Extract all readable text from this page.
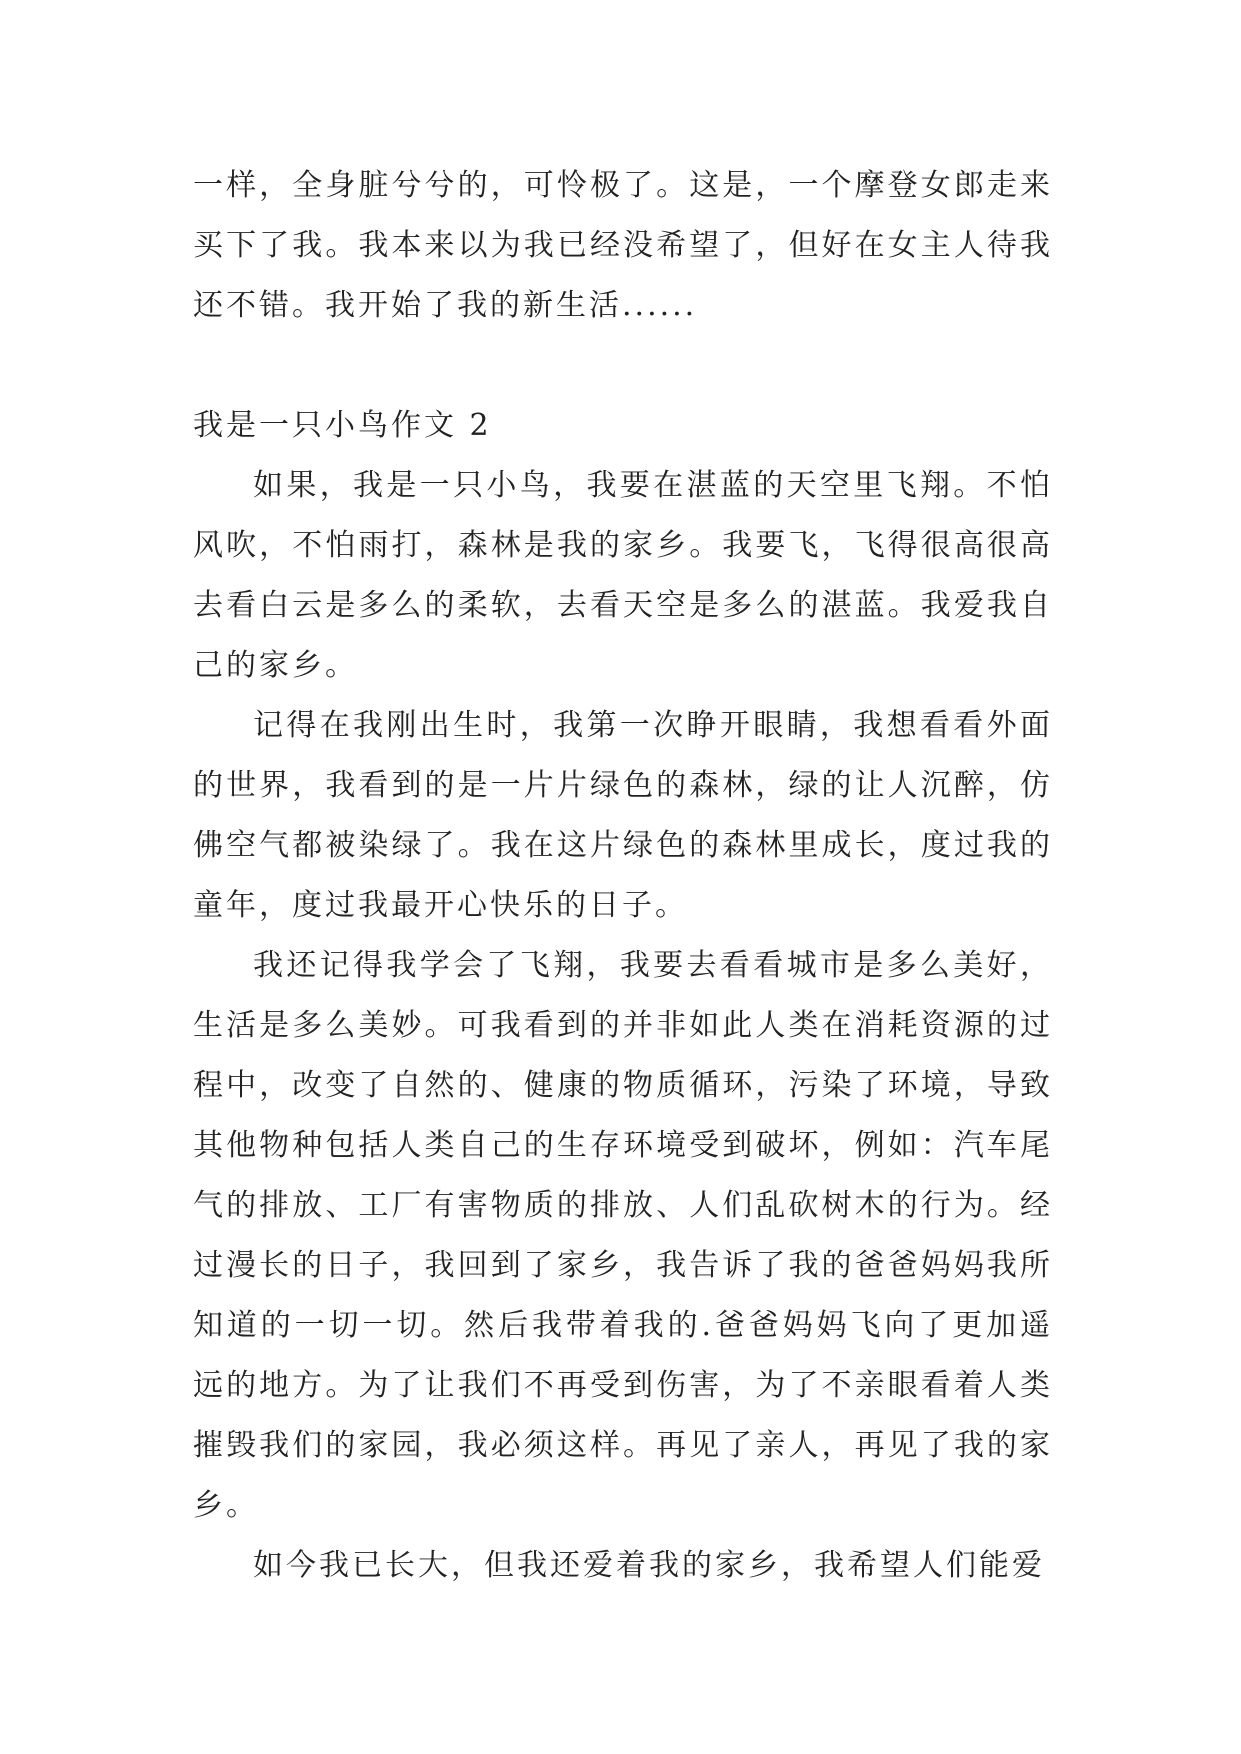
一样，全身脏兮兮的，可怜极了。这是，一个摩登女郎走来买下了我。我本来以为我已经没希望了，但好在女主人待我还不错。我开始了我的新生活......

我是一只小鸟作文 2

如果，我是一只小鸟，我要在湛蓝的天空里飞翔。不怕风吹，不怕雨打，森林是我的家乡。我要飞，飞得很高很高去看白云是多么的柔软，去看天空是多么的湛蓝。我爱我自己的家乡。

记得在我刚出生时，我第一次睁开眼睛，我想看看外面的世界，我看到的是一片片绿色的森林，绿的让人沉醉，仿佛空气都被染绿了。我在这片绿色的森林里成长，度过我的童年，度过我最开心快乐的日子。

我还记得我学会了飞翔，我要去看看城市是多么美好，生活是多么美妙。可我看到的并非如此人类在消耗资源的过程中，改变了自然的、健康的物质循环，污染了环境，导致其他物种包括人类自己的生存环境受到破坏，例如：汽车尾气的排放、工厂有害物质的排放、人们乱砍树木的行为。经过漫长的日子，我回到了家乡，我告诉了我的爸爸妈妈我所知道的一切一切。然后我带着我的.爸爸妈妈飞向了更加遥远的地方。为了让我们不再受到伤害，为了不亲眼看着人类摧毁我们的家园，我必须这样。再见了亲人，再见了我的家乡。

如今我已长大，但我还爱着我的家乡，我希望人们能爱
